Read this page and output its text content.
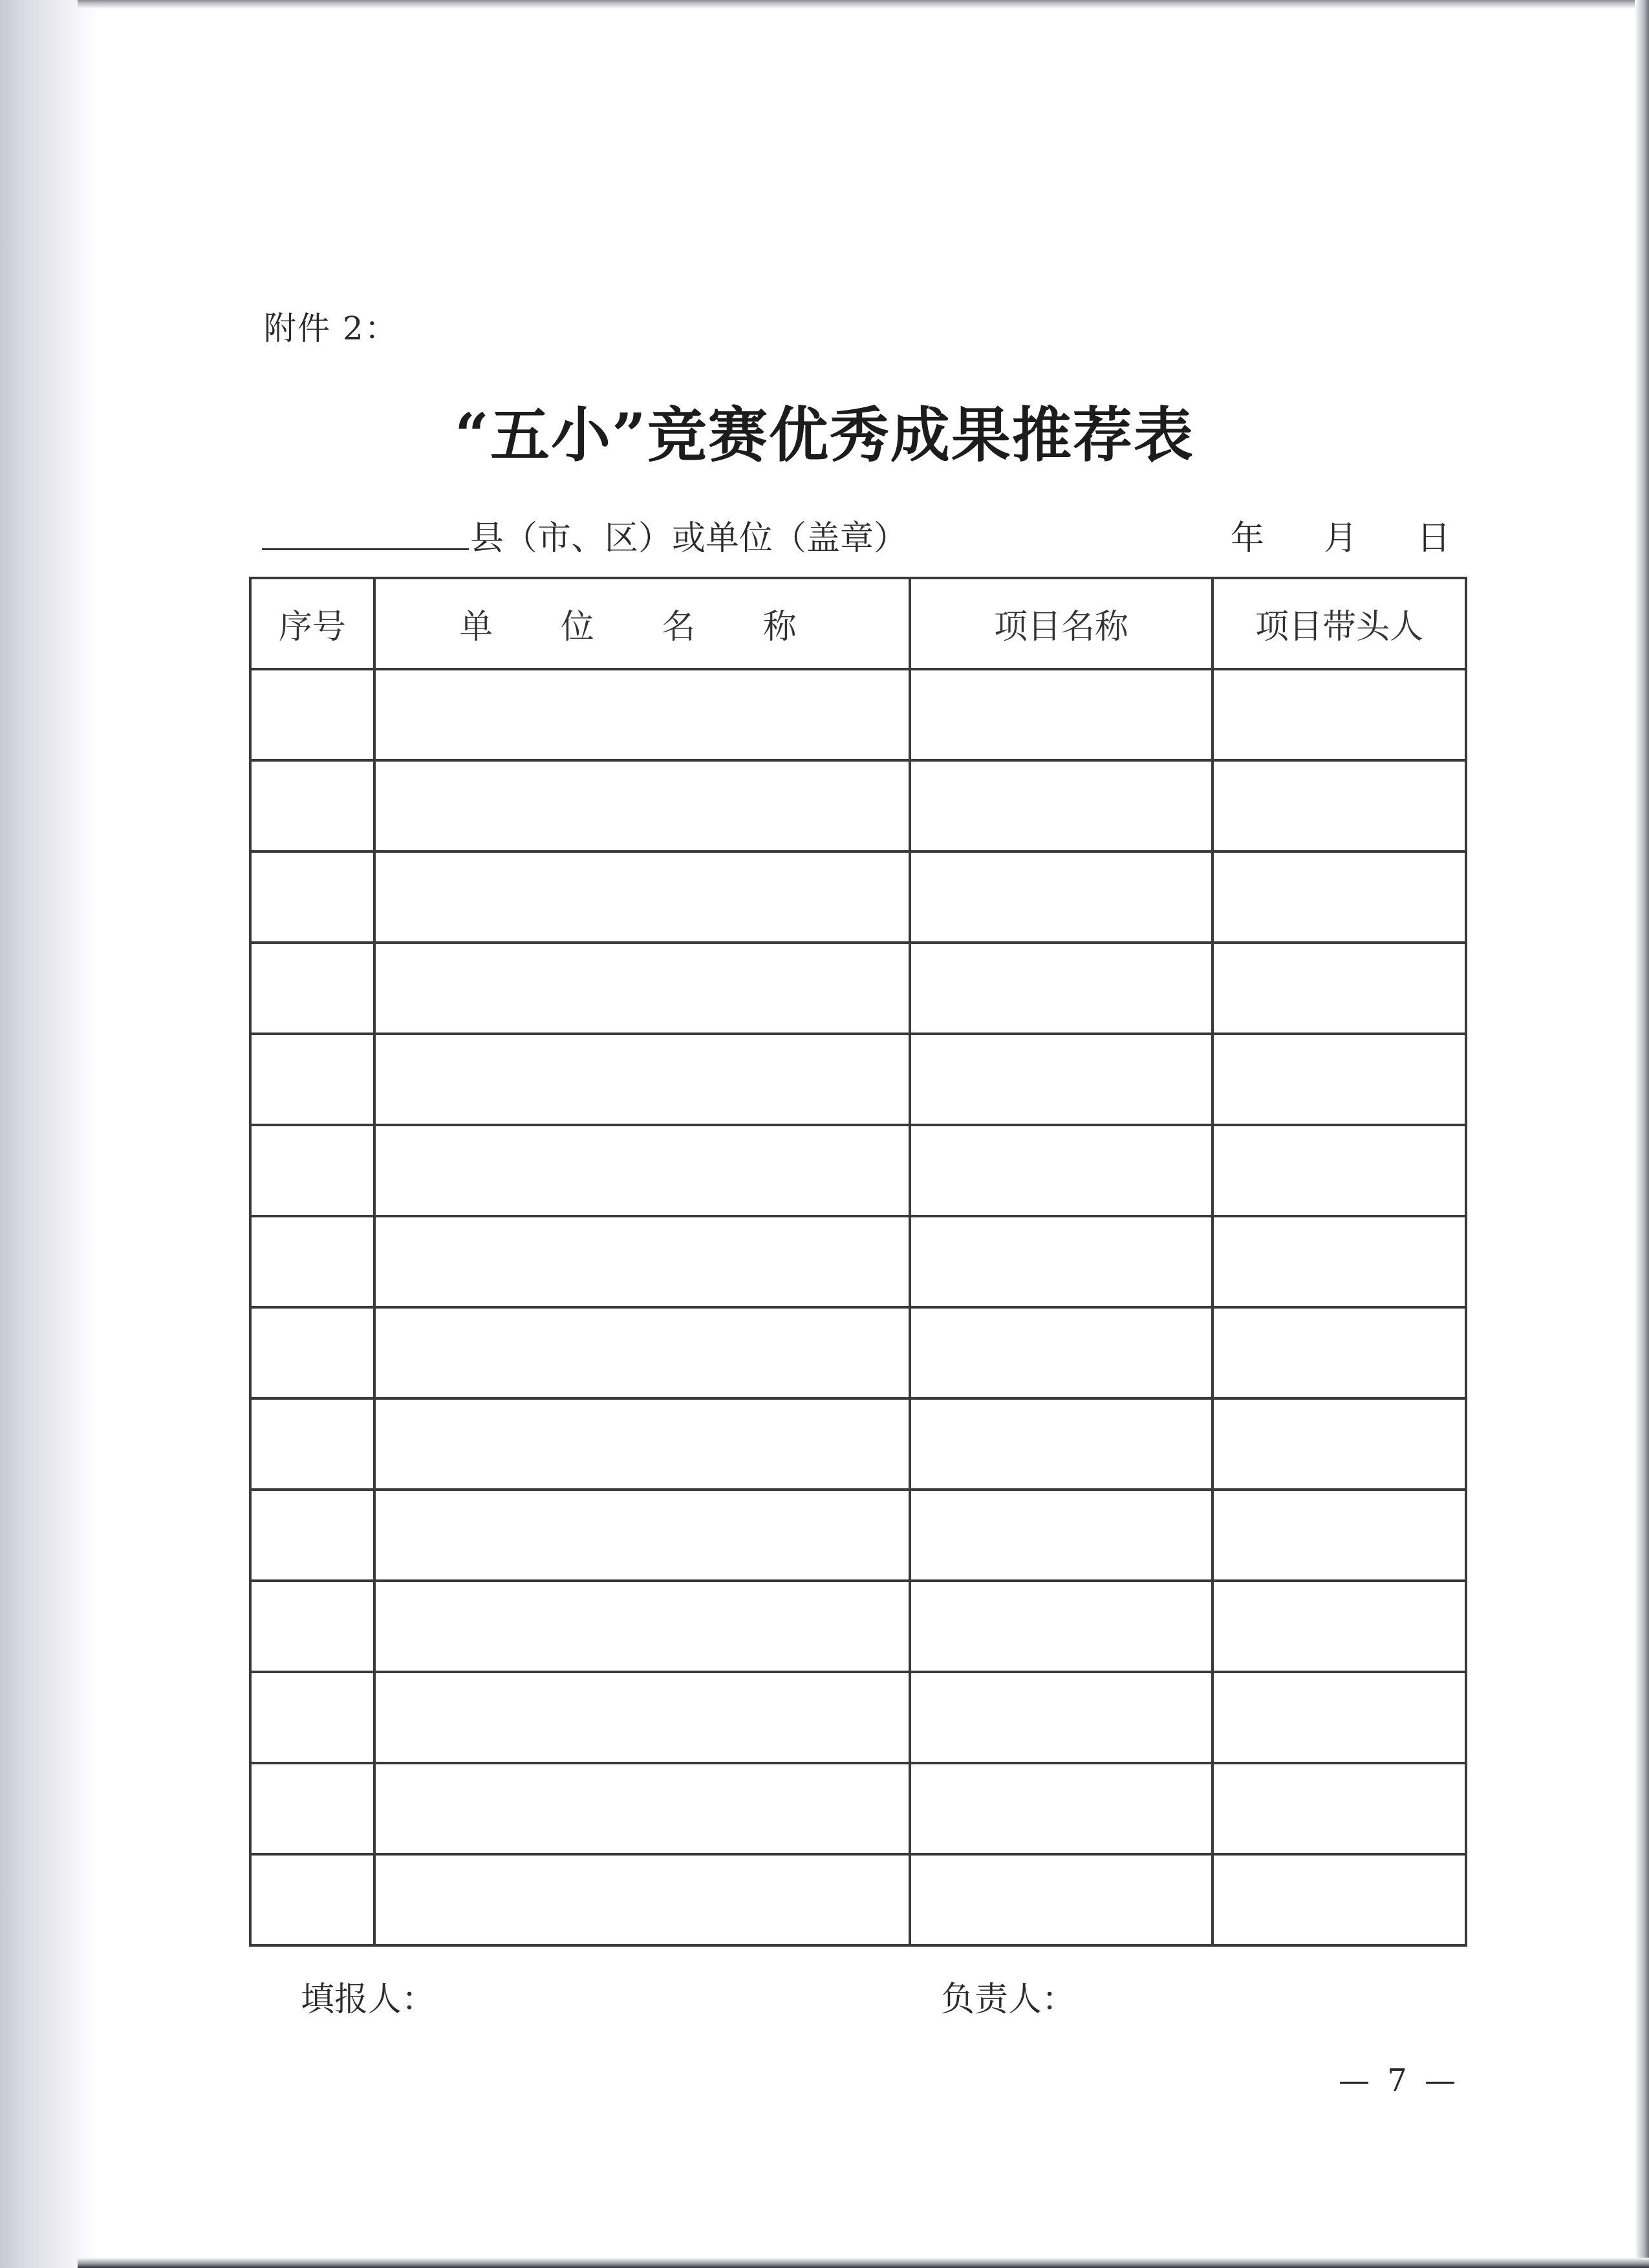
附件 2：
“五小”竞赛优秀成果推荐表
县（市、区）或单位（盖章）	年 月 日
序号	单 位 名 称	项目名称	项目带头人

填报人：	负责人：
— 7 —
